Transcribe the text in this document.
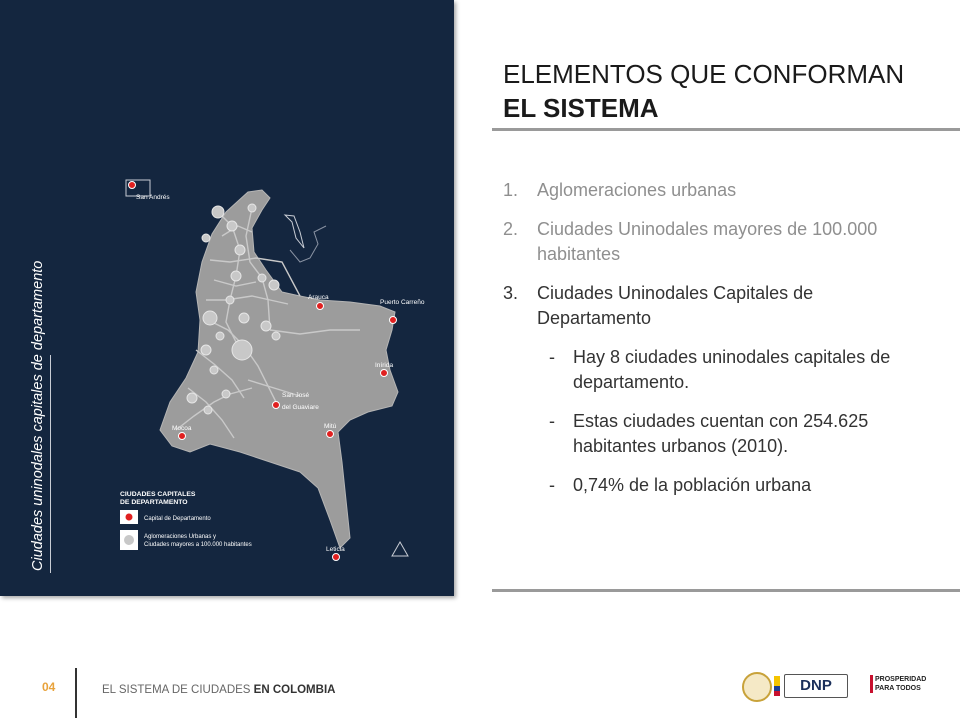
Ciudades uninodales capitales de departamento
San Andrés
Arauca
Puerto Carreño
Inírida
San José
del Guaviare
Mitú
Mocoa
Leticia
CIUDADES CAPITALES
DE DEPARTAMENTO
Capital de Departamento
Aglomeraciones Urbanas y
Ciudades mayores a 100.000 habitantes
ELEMENTOS QUE CONFORMAN
EL SISTEMA
1. Aglomeraciones urbanas
2. Ciudades Uninodales mayores de 100.000 habitantes
3. Ciudades Uninodales Capitales de Departamento
- Hay 8 ciudades uninodales capitales de departamento.
- Estas ciudades cuentan con 254.625 habitantes urbanos (2010).
- 0,74% de la población urbana
04	EL SISTEMA DE CIUDADES EN COLOMBIA	DNP	PROSPERIDAD
PARA TODOS
